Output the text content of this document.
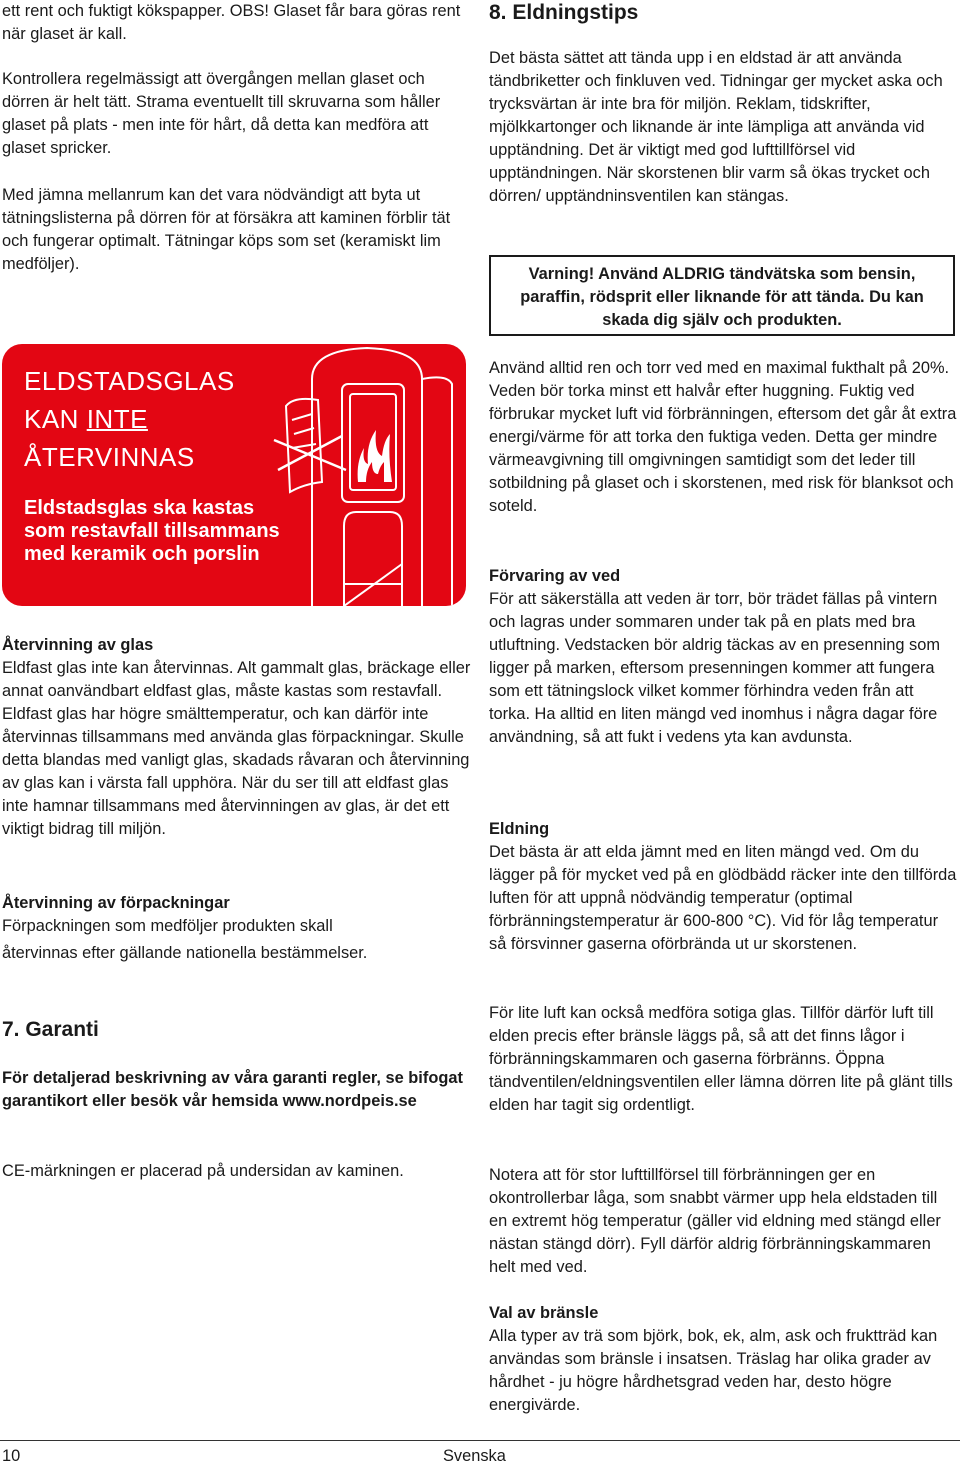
ett rent och fuktigt kökspapper. OBS! Glaset får bara göras rent när glaset är kall.

Kontrollera regelmässigt att övergången mellan glaset och dörren är helt tätt. Strama eventuellt till skruvarna som håller glaset på plats - men inte för hårt, då detta kan medföra att glaset spricker.

Med jämna mellanrum kan det vara nödvändigt att byta ut tätningslisterna på dörren för at försäkra att kaminen förblir tät och fungerar optimalt. Tätningar köps som set (keramiskt lim medföljer).

ELDSTADSGLAS
KAN INTE
ÅTERVINNAS
Eldstadsglas ska kastas som restavfall tillsammans med keramik och porslin
Återvinning av glas

Eldfast glas inte kan återvinnas. Alt gammalt glas, bräckage eller annat oanvändbart eldfast glas, måste kastas som restavfall. Eldfast glas har högre smälttemperatur, och kan därför inte återvinnas tillsammans med använda glas förpackningar. Skulle detta blandas med vanligt glas, skadads råvaran och återvinning av glas kan i värsta fall upphöra. När du ser till att eldfast glas inte hamnar tillsammans med återvinningen av glas, är det ett viktigt bidrag till miljön.

Återvinning av förpackningar

Förpackningen som medföljer produkten skall

återvinnas efter gällande nationella bestämmelser.

7. Garanti

För detaljerad beskrivning av våra garanti regler, se bifogat garantikort eller besök vår hemsida www.nordpeis.se

CE-märkningen er placerad på undersidan av kaminen.

8. Eldningstips

Det bästa sättet att tända upp i en eldstad är att använda tändbriketter och finkluven ved. Tidningar ger mycket aska och trycksvärtan är inte bra för miljön. Reklam, tidskrifter, mjölkkartonger och liknande är inte lämpliga att använda vid upptändning. Det är viktigt med god lufttillförsel vid upptändningen. När skorstenen blir varm så ökas trycket och dörren/ upptändninsventilen kan stängas.

Varning! Använd ALDRIG tändvätska som bensin, paraffin, rödsprit eller liknande för att tända. Du kan skada dig själv och produkten.

Använd alltid ren och torr ved med en maximal fukthalt på 20%. Veden bör torka minst ett halvår efter huggning. Fuktig ved förbrukar mycket luft vid förbränningen, eftersom det går åt extra energi/värme för att torka den fuktiga veden. Detta ger mindre värmeavgivning till omgivningen samtidigt som det leder till sotbildning på glaset och i skorstenen, med risk för blanksot och soteld.

Förvaring av ved

För att säkerställa att veden är torr, bör trädet fällas på vintern och lagras under sommaren under tak på en plats med bra utluftning. Vedstacken bör aldrig täckas av en presenning som ligger på marken, eftersom presenningen kommer att fungera som ett tätningslock vilket kommer förhindra veden från att torka. Ha alltid en liten mängd ved inomhus i några dagar före användning, så att fukt i vedens yta kan avdunsta.

Eldning

Det bästa är att elda jämnt med en liten mängd ved. Om du lägger på för mycket ved på en glödbädd räcker inte den tillförda luften för att uppnå nödvändig temperatur (optimal förbränningstemperatur är 600-800 °C). Vid för låg temperatur så försvinner gaserna oförbrända ut ur skorstenen.

För lite luft kan också medföra sotiga glas. Tillför därför luft till elden precis efter bränsle läggs på, så att det finns lågor i förbränningskammaren och gaserna förbränns. Öppna tändventilen/eldningsventilen eller lämna dörren lite på glänt tills elden har tagit sig ordentligt.

Notera att för stor lufttillförsel till förbränningen ger en okontrollerbar låga, som snabbt värmer upp hela eldstaden till en extremt hög temperatur (gäller vid eldning med stängd eller nästan stängd dörr). Fyll därför aldrig förbränningskammaren helt med ved.

Val av bränsle

Alla typer av trä som björk, bok, ek, alm, ask och fruktträd kan användas som bränsle i insatsen. Träslag har olika grader av hårdhet - ju högre hårdhetsgrad veden har, desto högre energivärde.

10	Svenska
